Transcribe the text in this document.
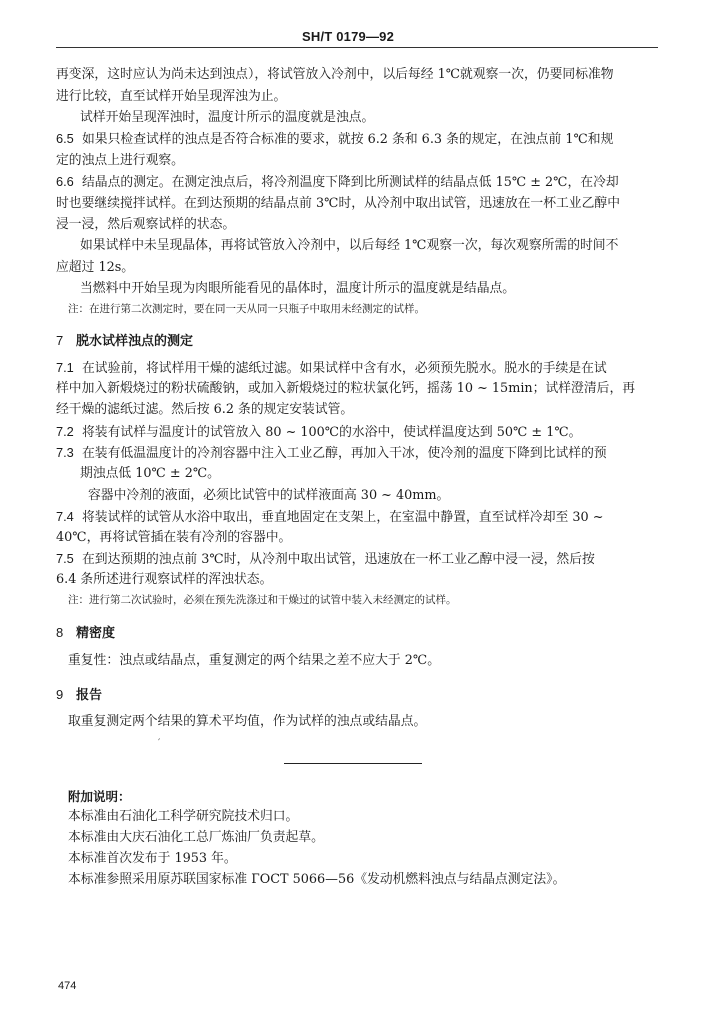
SH/T 0179—92
再变深，这时应认为尚未达到浊点），将试管放入冷剂中，以后每经 1℃就观察一次，仍要同标准物
进行比较，直至试样开始呈现浑浊为止。
试样开始呈现浑浊时，温度计所示的温度就是浊点。
6.5 如果只检查试样的浊点是否符合标准的要求，就按 6.2 条和 6.3 条的规定，在浊点前 1℃和规
定的浊点上进行观察。
6.6 结晶点的测定。在测定浊点后，将冷剂温度下降到比所测试样的结晶点低 15℃ ± 2℃，在冷却
时也要继续搅拌试样。在到达预期的结晶点前 3℃时，从冷剂中取出试管，迅速放在一杯工业乙醇中
浸一浸，然后观察试样的状态。
如果试样中未呈现晶体，再将试管放入冷剂中，以后每经 1℃观察一次，每次观察所需的时间不
应超过 12s。
当燃料中开始呈现为肉眼所能看见的晶体时，温度计所示的温度就是结晶点。
注：在进行第二次测定时，要在同一天从同一只瓶子中取用未经测定的试样。
7 脱水试样浊点的测定
7.1 在试验前，将试样用干燥的滤纸过滤。如果试样中含有水，必须预先脱水。脱水的手续是在试
样中加入新煅烧过的粉状硫酸钠，或加入新煅烧过的粒状氯化钙，摇荡 10 ~ 15min；试样澄清后，再
经干燥的滤纸过滤。然后按 6.2 条的规定安装试管。
7.2 将装有试样与温度计的试管放入 80 ~ 100℃的水浴中，使试样温度达到 50℃ ± 1℃。
7.3 在装有低温温度计的冷剂容器中注入工业乙醇，再加入干冰，使冷剂的温度下降到比试样的预
期浊点低 10℃ ± 2℃。
容器中冷剂的液面，必须比试管中的试样液面高 30 ~ 40mm。
7.4 将装试样的试管从水浴中取出，垂直地固定在支架上，在室温中静置，直至试样冷却至 30 ~
40℃，再将试管插在装有冷剂的容器中。
7.5 在到达预期的浊点前 3℃时，从冷剂中取出试管，迅速放在一杯工业乙醇中浸一浸，然后按
6.4 条所述进行观察试样的浑浊状态。
注：进行第二次试验时，必须在预先洗涤过和干燥过的试管中装入未经测定的试样。
8 精密度
重复性：浊点或结晶点，重复测定的两个结果之差不应大于 2℃。
9 报告
取重复测定两个结果的算术平均值，作为试样的浊点或结晶点。
′
附加说明：
本标准由石油化工科学研究院技术归口。
本标准由大庆石油化工总厂炼油厂负责起草。
本标准首次发布于 1953 年。
本标准参照采用原苏联国家标准 ГОСТ 5066—56《发动机燃料浊点与结晶点测定法》。
474
